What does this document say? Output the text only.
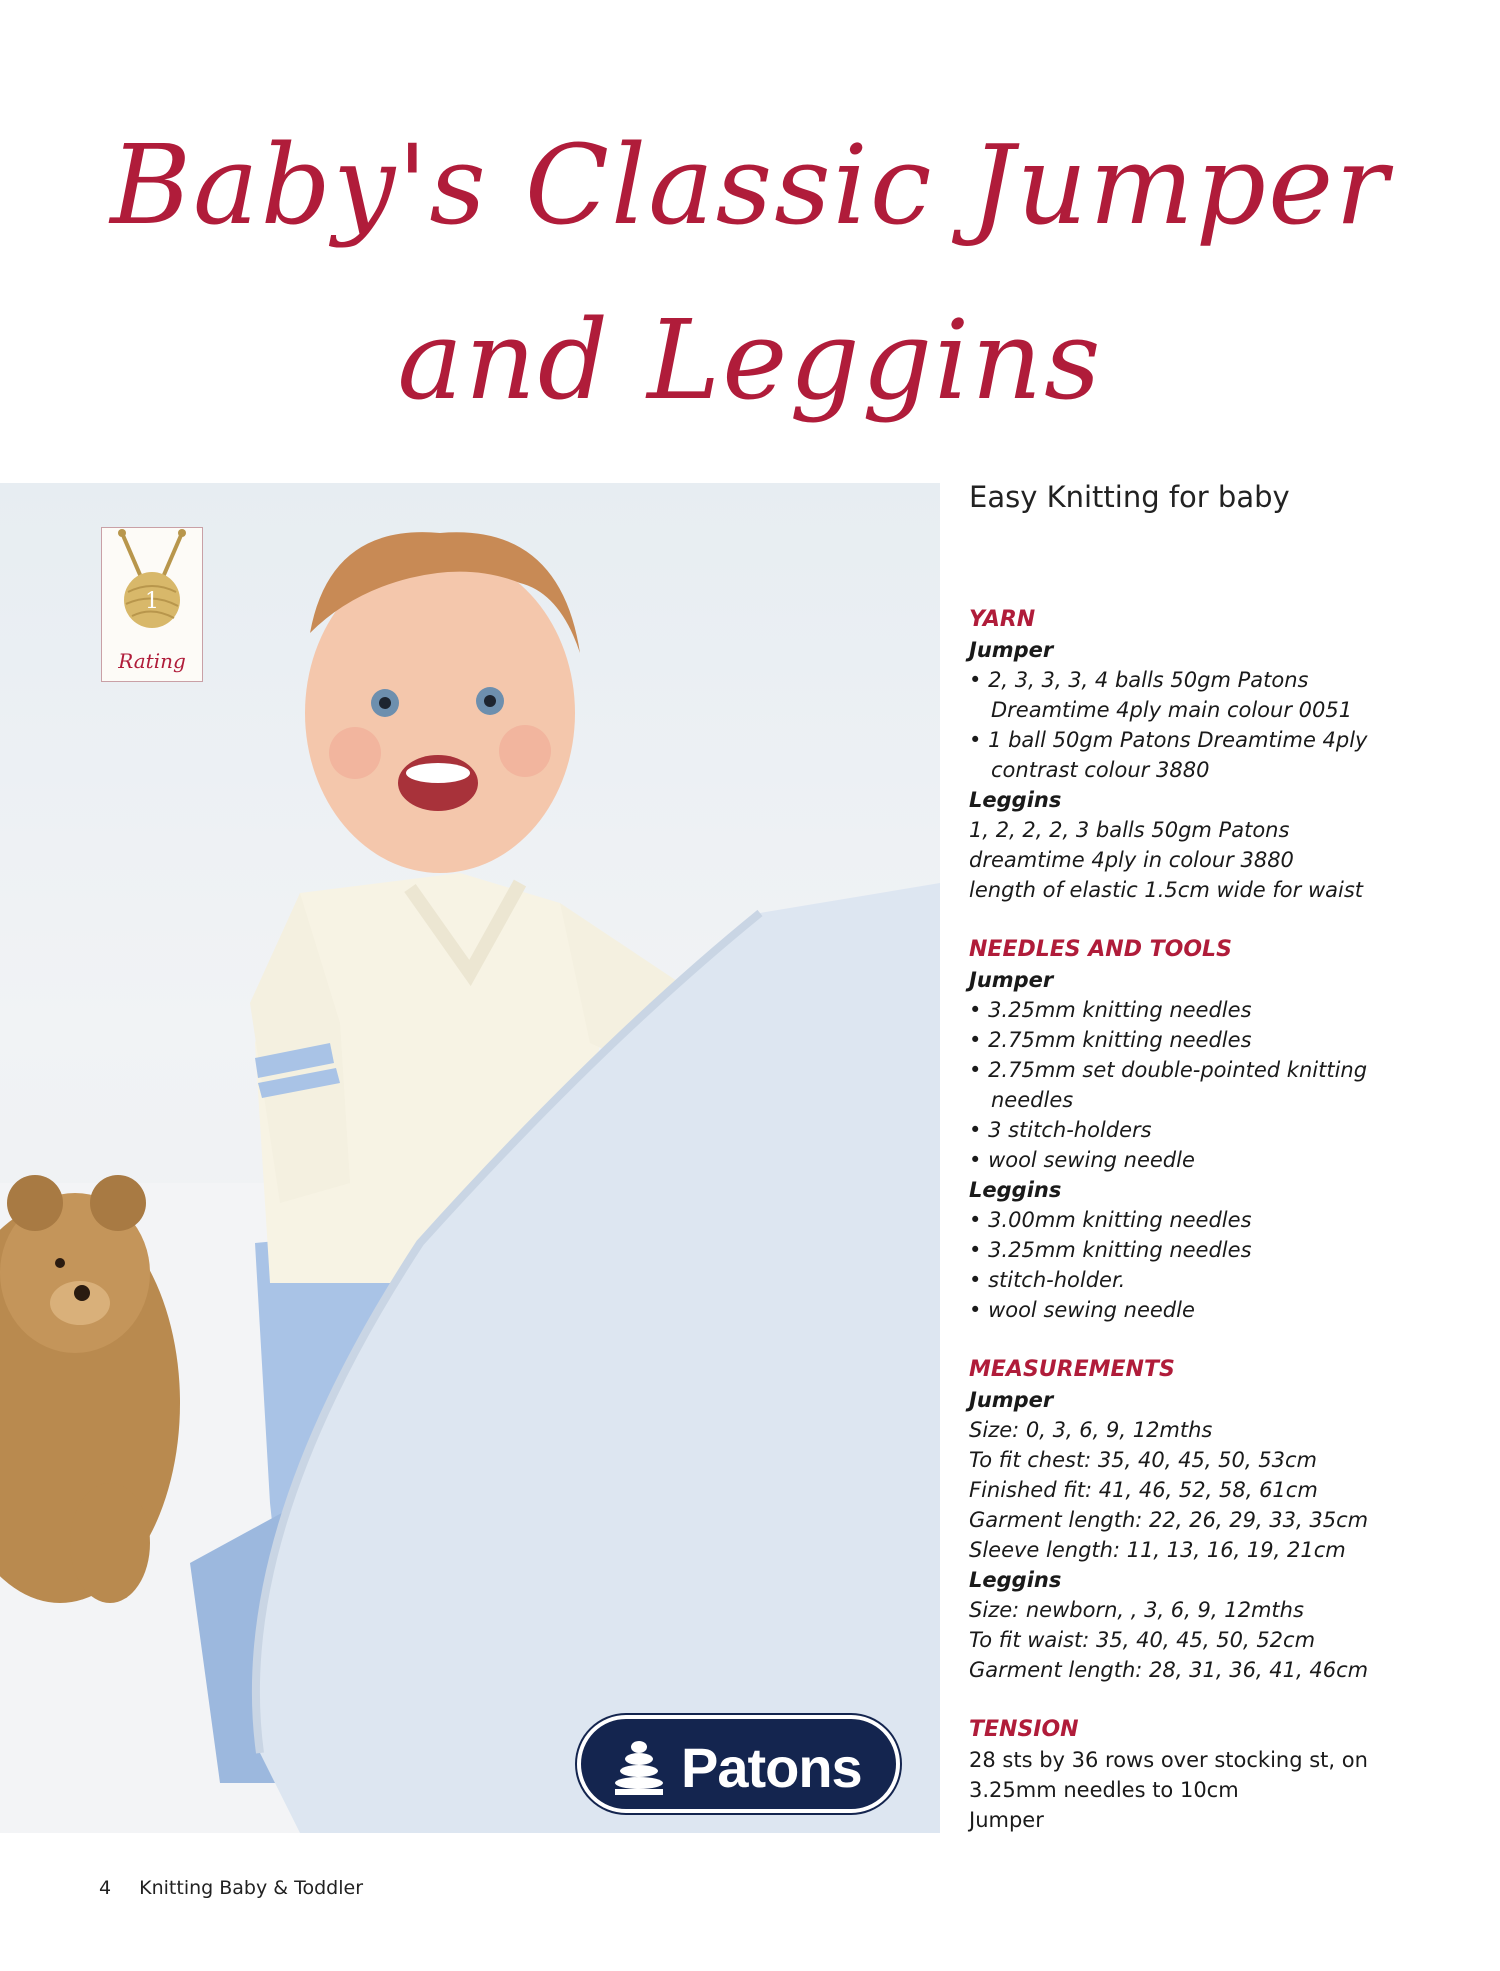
Baby's Classic Jumper
and Leggins
1
Rating
Patons
Easy Knitting for baby
YARN
Jumper
• 2, 3, 3, 3, 4 balls 50gm Patons Dreamtime 4ply main colour 0051
• 1 ball 50gm Patons Dreamtime 4ply contrast colour 3880
Leggins
1, 2, 2, 2, 3 balls 50gm Patons
dreamtime 4ply in colour 3880
length of elastic 1.5cm wide for waist
NEEDLES AND TOOLS
Jumper
• 3.25mm knitting needles
• 2.75mm knitting needles
• 2.75mm set double-pointed knitting needles
• 3 stitch-holders
• wool sewing needle
Leggins
• 3.00mm knitting needles
• 3.25mm knitting needles
• stitch-holder.
• wool sewing needle
MEASUREMENTS
Jumper
Size: 0, 3, 6, 9, 12mths
To fit chest: 35, 40, 45, 50, 53cm
Finished fit: 41, 46, 52, 58, 61cm
Garment length: 22, 26, 29, 33, 35cm
Sleeve length: 11, 13, 16, 19, 21cm
Leggins
Size: newborn, , 3, 6, 9, 12mths
To fit waist: 35, 40, 45, 50, 52cm
Garment length: 28, 31, 36, 41, 46cm
TENSION
28 sts by 36 rows over stocking st, on
3.25mm needles to 10cm
Jumper
4 Knitting Baby & Toddler
